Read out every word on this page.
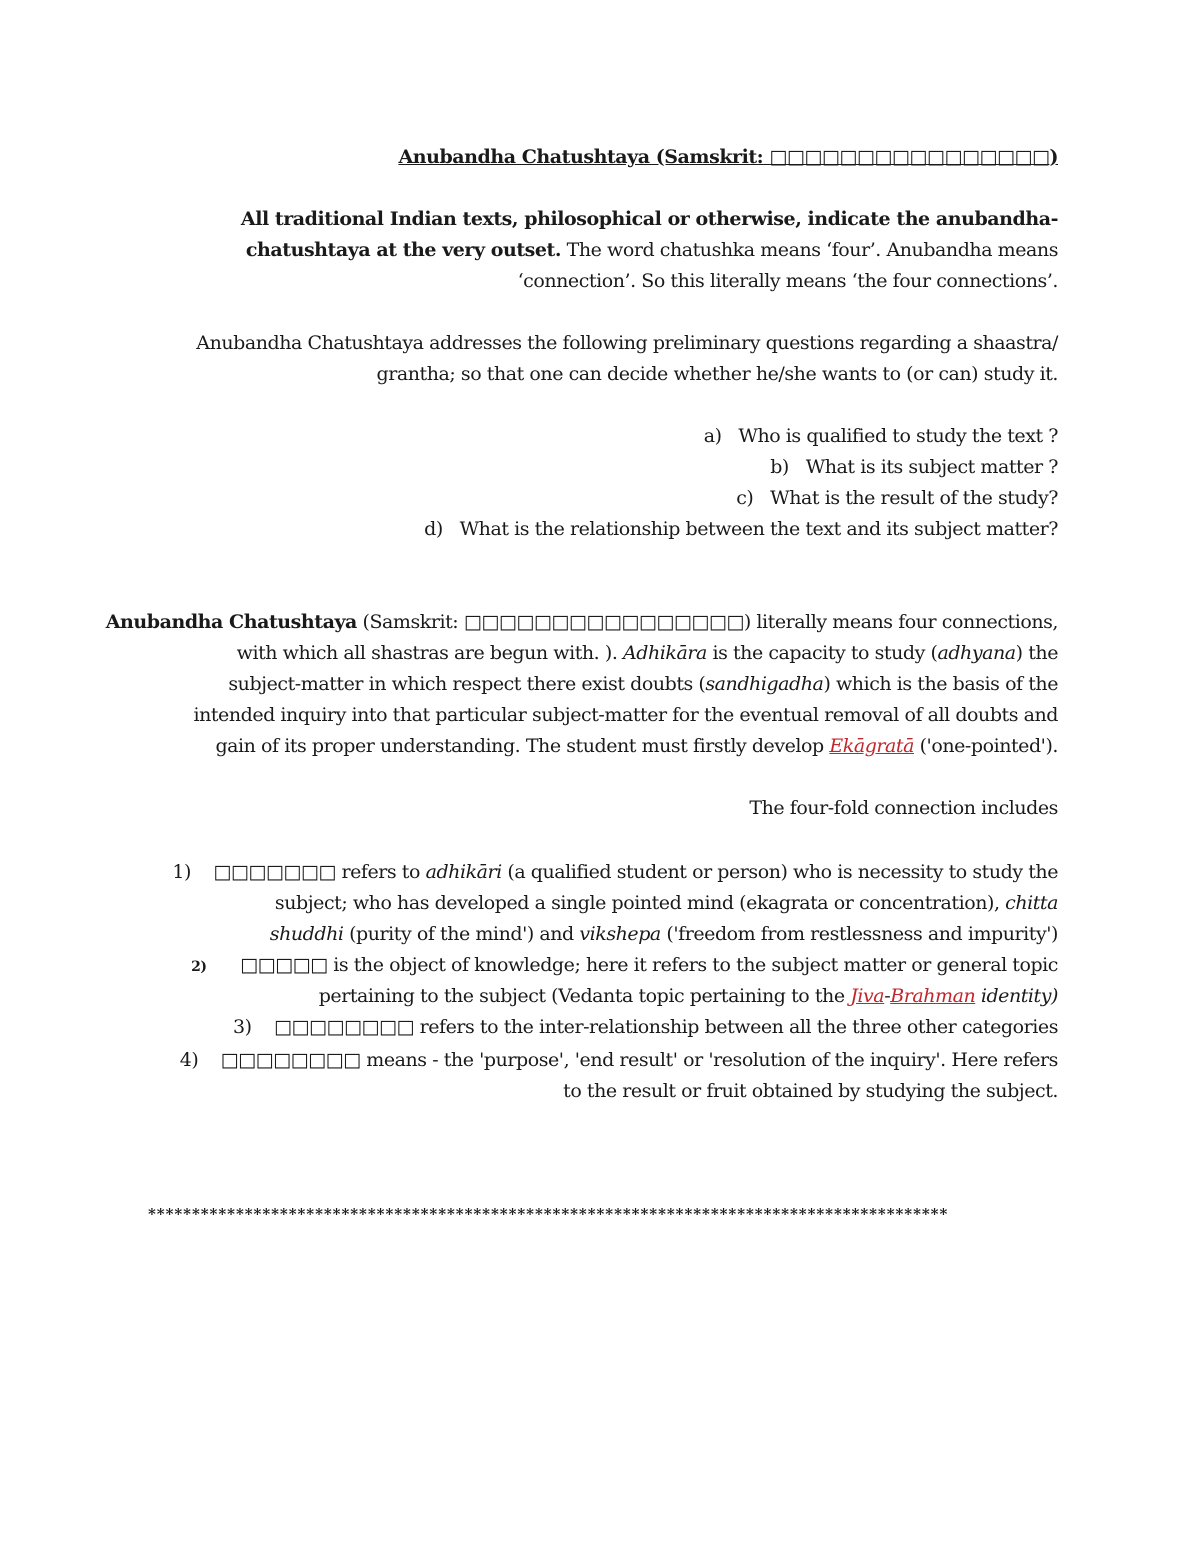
Anubandha Chatushtaya (Samskrit: □□□□□□□□□□□□□□□□)
All traditional Indian texts, philosophical or otherwise, indicate the anubandha-
chatushtaya at the very outset. The word chatushka means ‘four’. Anubandha means
‘connection’. So this literally means ‘the four connections’.
Anubandha Chatushtaya addresses the following preliminary questions regarding a shaastra/
grantha; so that one can decide whether he/she wants to (or can) study it.
a) Who is qualified to study the text ?
b) What is its subject matter ?
c) What is the result of the study?
d) What is the relationship between the text and its subject matter?
Anubandha Chatushtaya (Samskrit: □□□□□□□□□□□□□□□□) literally means four connections,
with which all shastras are begun with. ). Adhikāra is the capacity to study (adhyana) the
subject-matter in which respect there exist doubts (sandhigadha) which is the basis of the
intended inquiry into that particular subject-matter for the eventual removal of all doubts and
gain of its proper understanding. The student must firstly develop Ekāgratā ('one-pointed').
The four-fold connection includes
1) □□□□□□□ refers to adhikāri (a qualified student or person) who is necessity to study the
subject; who has developed a single pointed mind (ekagrata or concentration), chitta
shuddhi (purity of the mind') and vikshepa ('freedom from restlessness and impurity')
2) □□□□□ is the object of knowledge; here it refers to the subject matter or general topic
pertaining to the subject (Vedanta topic pertaining to the Jiva-Brahman identity)
3) □□□□□□□□ refers to the inter-relationship between all the three other categories
4) □□□□□□□□ means - the 'purpose', 'end result' or 'resolution of the inquiry'. Here refers
to the result or fruit obtained by studying the subject.
*******************************************************************************************
